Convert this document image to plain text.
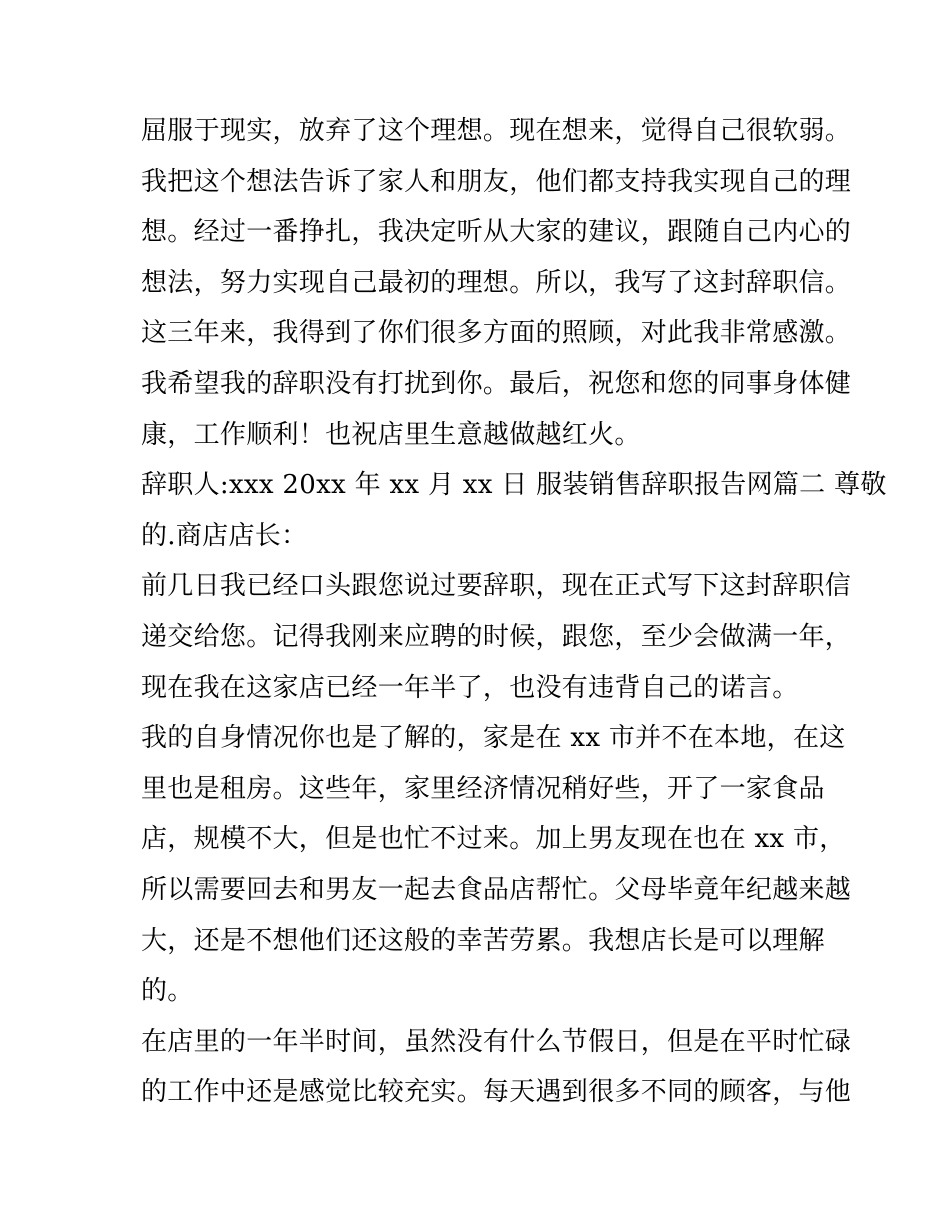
屈服于现实，放弃了这个理想。现在想来，觉得自己很软弱。
我把这个想法告诉了家人和朋友，他们都支持我实现自己的理
想。经过一番挣扎，我决定听从大家的建议，跟随自己内心的
想法，努力实现自己最初的理想。所以，我写了这封辞职信。
这三年来，我得到了你们很多方面的照顾，对此我非常感激。
我希望我的辞职没有打扰到你。最后，祝您和您的同事身体健
康，工作顺利！也祝店里生意越做越红火。
辞职人:xxx 20xx 年 xx 月 xx 日 服装销售辞职报告网篇二 尊敬
的.商店店长：
前几日我已经口头跟您说过要辞职，现在正式写下这封辞职信
递交给您。记得我刚来应聘的时候，跟您，至少会做满一年，
现在我在这家店已经一年半了，也没有违背自己的诺言。
我的自身情况你也是了解的，家是在 xx 市并不在本地，在这
里也是租房。这些年，家里经济情况稍好些，开了一家食品
店，规模不大，但是也忙不过来。加上男友现在也在 xx 市，
所以需要回去和男友一起去食品店帮忙。父母毕竟年纪越来越
大，还是不想他们还这般的幸苦劳累。我想店长是可以理解
的。
在店里的一年半时间，虽然没有什么节假日，但是在平时忙碌
的工作中还是感觉比较充实。每天遇到很多不同的顾客，与他
